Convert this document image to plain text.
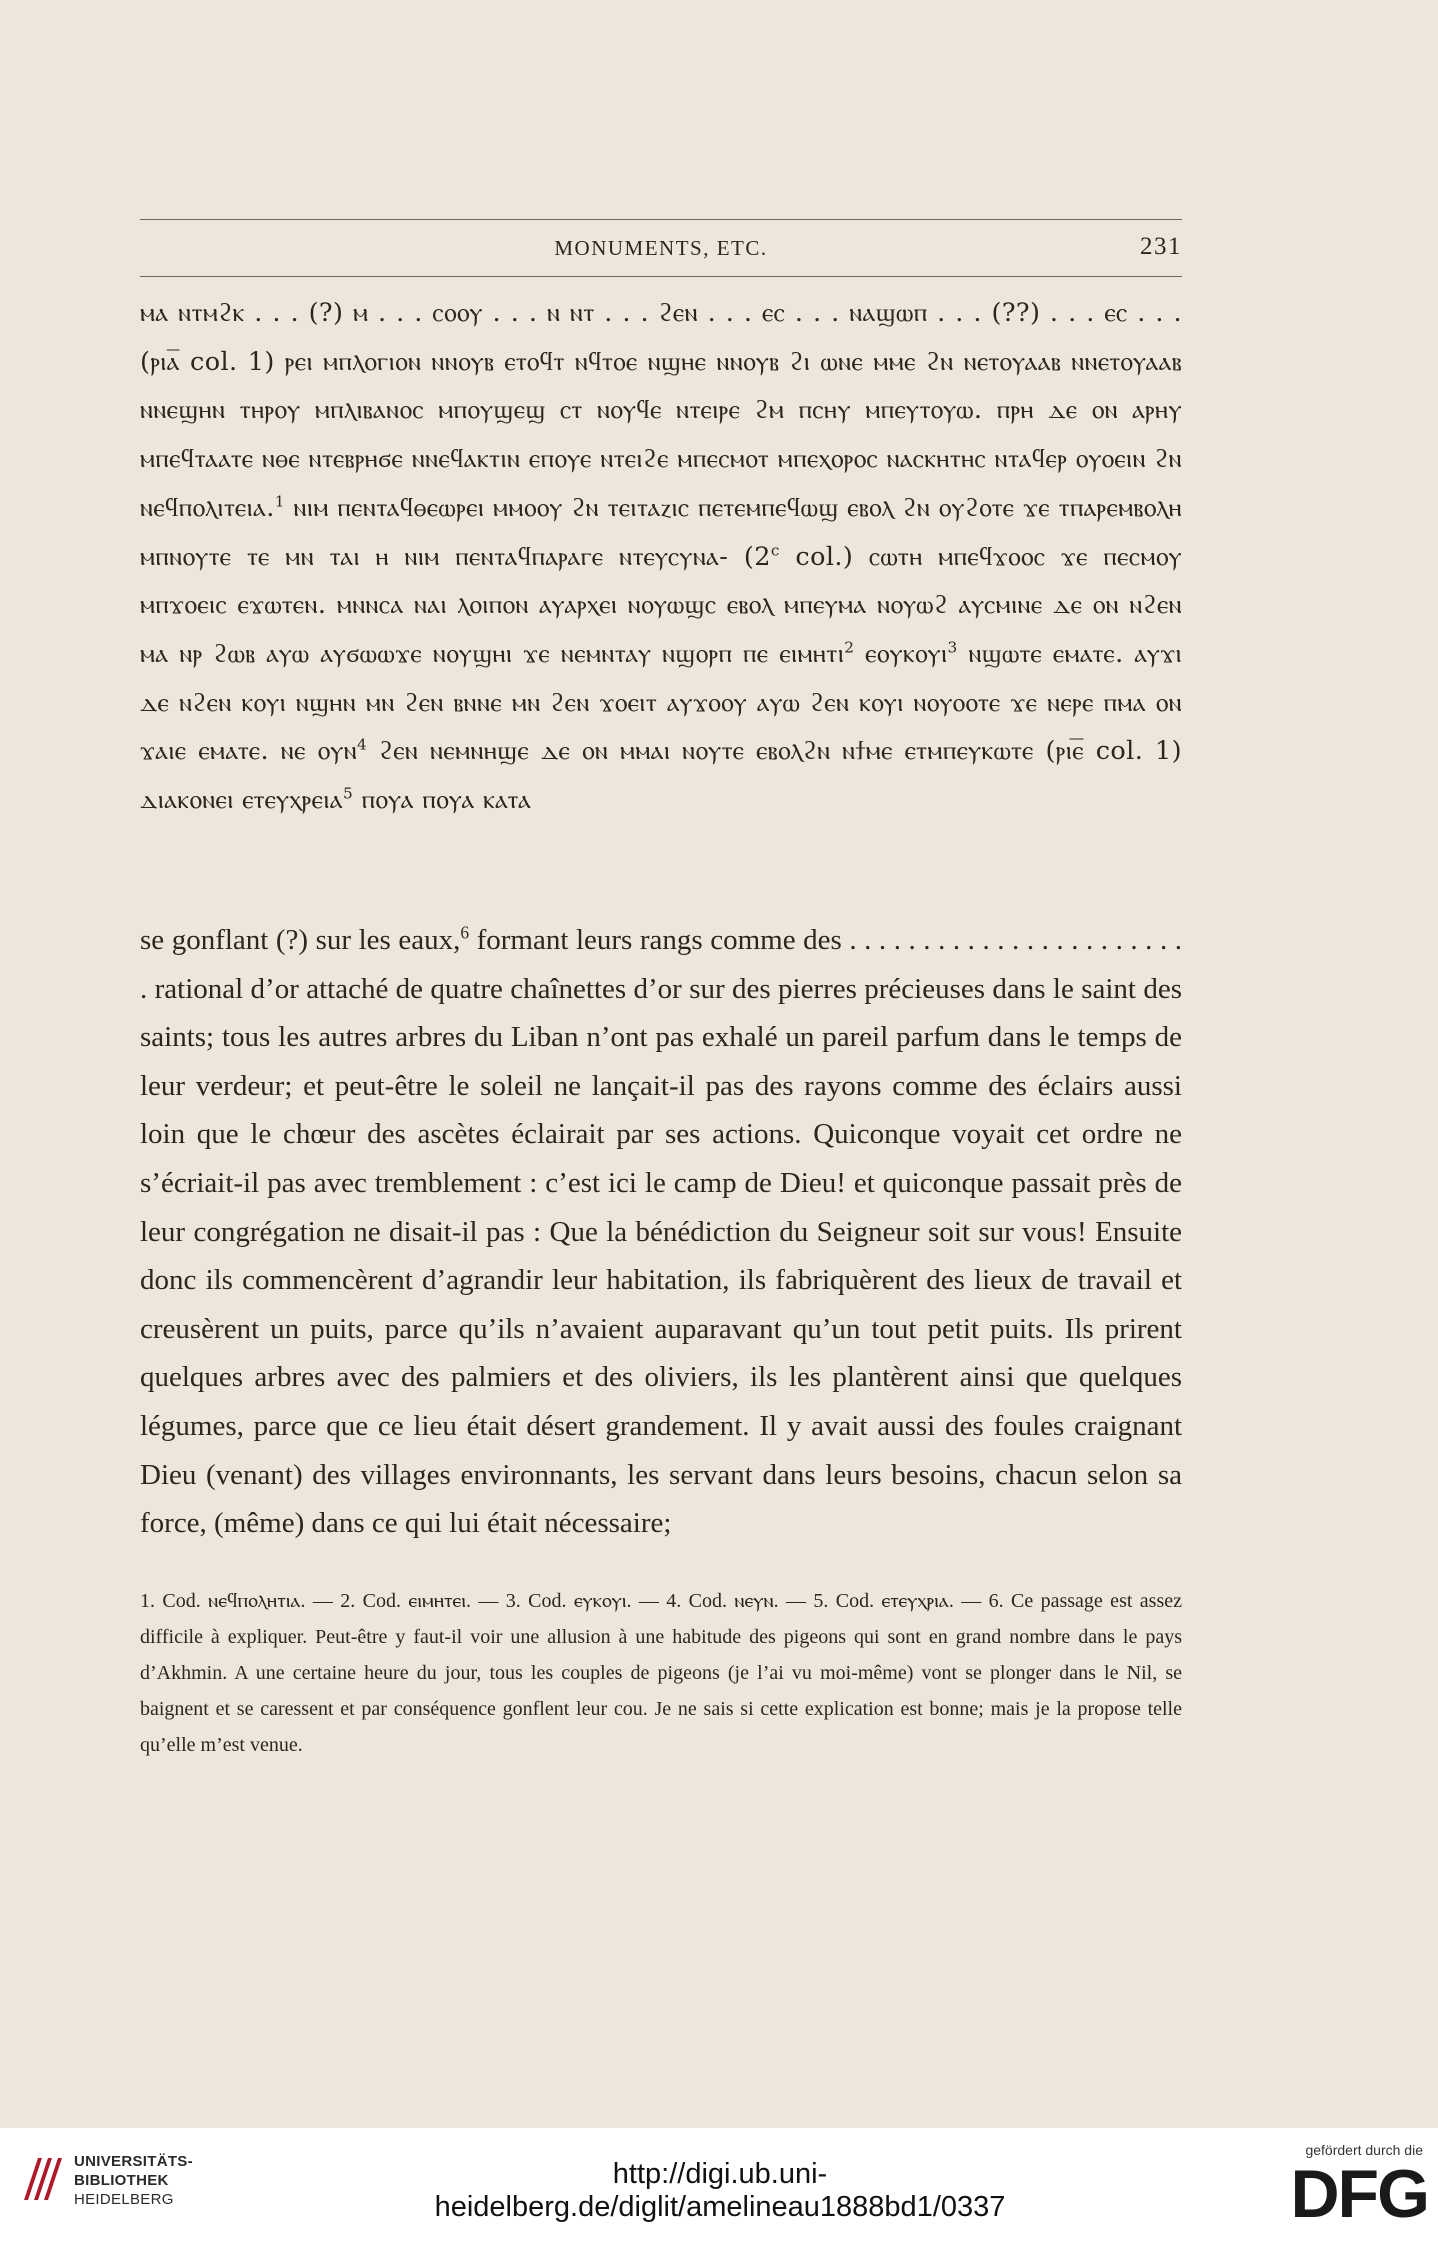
MONUMENTS, ETC.	231

ⲙⲁ ⲛⲧⲙϩⲕ . . . (?) ⲙ . . . ⲥⲟⲟⲩ . . . ⲛ ⲛⲧ . . . ϩⲉⲛ . . . ⲉⲥ . . . ⲛⲁϣⲱⲡ . . . (??) . . . ⲉⲥ . . . (ⲣⲓⲁ̅ col. 1) ⲣⲉⲓ ⲙⲡⲗⲟⲅⲓⲟⲛ ⲛⲛⲟⲩⲃ ⲉⲧⲟϥⲧ ⲛϥⲧⲟⲉ ⲛϣⲏⲉ ⲛⲛⲟⲩⲃ ϩⲓ ⲱⲛⲉ ⲙⲙⲉ ϩⲛ ⲛⲉⲧⲟⲩⲁⲁⲃ ⲛⲛⲉⲧⲟⲩⲁⲁⲃ ⲛⲛⲉϣⲏⲛ ⲧⲏⲣⲟⲩ ⲙⲡⲗⲓⲃⲁⲛⲟⲥ ⲙⲡⲟⲩϣⲉϣ ⲥⲧ ⲛⲟⲩϥⲉ ⲛⲧⲉⲓⲣⲉ ϩⲙ ⲡⲥⲏⲩ ⲙⲡⲉⲩⲧⲟⲩⲱ. ⲡⲣⲏ ⲇⲉ ⲟⲛ ⲁⲣⲏⲩ ⲙⲡⲉϥⲧⲁⲁⲧⲉ ⲛⲑⲉ ⲛⲧⲉⲃⲣⲏϭⲉ ⲛⲛⲉϥⲁⲕⲧⲓⲛ ⲉⲡⲟⲩⲉ ⲛⲧⲉⲓϩⲉ ⲙⲡⲉⲥⲙⲟⲧ ⲙⲡⲉⲭⲟⲣⲟⲥ ⲛⲁⲥⲕⲏⲧⲏⲥ ⲛⲧⲁϥⲉⲣ ⲟⲩⲟⲉⲓⲛ ϩⲛ ⲛⲉϥⲡⲟⲗⲓⲧⲉⲓⲁ.$^1$ ⲛⲓⲙ ⲡⲉⲛⲧⲁϥⲑⲉⲱⲣⲉⲓ ⲙⲙⲟⲟⲩ ϩⲛ ⲧⲉⲓⲧⲁⲍⲓⲥ ⲡⲉⲧⲉⲙⲡⲉϥⲱϣ ⲉⲃⲟⲗ ϩⲛ ⲟⲩϩⲟⲧⲉ ϫⲉ ⲧⲡⲁⲣⲉⲙⲃⲟⲗⲏ ⲙⲡⲛⲟⲩⲧⲉ ⲧⲉ ⲙⲛ ⲧⲁⲓ ⲏ ⲛⲓⲙ ⲡⲉⲛⲧⲁϥⲡⲁⲣⲁⲅⲉ ⲛⲧⲉⲩⲥⲩⲛⲁ- (2$^c$ col.) ⲥⲱⲧⲏ ⲙⲡⲉϥϫⲟⲟⲥ ϫⲉ ⲡⲉⲥⲙⲟⲩ ⲙⲡϫⲟⲉⲓⲥ ⲉϫⲱⲧⲉⲛ. ⲙⲛⲛⲥⲁ ⲛⲁⲓ ⲗⲟⲓⲡⲟⲛ ⲁⲩⲁⲣⲭⲉⲓ ⲛⲟⲩⲱϣⲥ ⲉⲃⲟⲗ ⲙⲡⲉⲩⲙⲁ ⲛⲟⲩⲱϩ ⲁⲩⲥⲙⲓⲛⲉ ⲇⲉ ⲟⲛ ⲛϩⲉⲛ ⲙⲁ ⲛⲣ ϩⲱⲃ ⲁⲩⲱ ⲁⲩϭⲱⲱϫⲉ ⲛⲟⲩϣⲏⲓ ϫⲉ ⲛⲉⲙⲛⲧⲁⲩ ⲛϣⲟⲣⲡ ⲡⲉ ⲉⲓⲙⲏⲧⲓ$^2$ ⲉⲟⲩⲕⲟⲩⲓ$^3$ ⲛϣⲱⲧⲉ ⲉⲙⲁⲧⲉ. ⲁⲩϫⲓ ⲇⲉ ⲛϩⲉⲛ ⲕⲟⲩⲓ ⲛϣⲏⲛ ⲙⲛ ϩⲉⲛ ⲃⲛⲛⲉ ⲙⲛ ϩⲉⲛ ϫⲟⲉⲓⲧ ⲁⲩϫⲟⲟⲩ ⲁⲩⲱ ϩⲉⲛ ⲕⲟⲩⲓ ⲛⲟⲩⲟⲟⲧⲉ ϫⲉ ⲛⲉⲣⲉ ⲡⲙⲁ ⲟⲛ ϫⲁⲓⲉ ⲉⲙⲁⲧⲉ. ⲛⲉ ⲟⲩⲛ$^4$ ϩⲉⲛ ⲛⲉⲙⲛⲏϣⲉ ⲇⲉ ⲟⲛ ⲙⲙⲁⲓ ⲛⲟⲩⲧⲉ ⲉⲃⲟⲗϩⲛ ⲛϯⲙⲉ ⲉⲧⲙⲡⲉⲩⲕⲱⲧⲉ (ⲣⲓⲉ̅ col. 1) ⲇⲓⲁⲕⲟⲛⲉⲓ ⲉⲧⲉⲩⲭⲣⲉⲓⲁ$^5$ ⲡⲟⲩⲁ ⲡⲟⲩⲁ ⲕⲁⲧⲁ

se gonflant (?) sur les eaux,$^6$ formant leurs rangs comme des . . . . . . . . . . . . . . . . . . . . . . . . rational d’or attaché de quatre chaînettes d’or sur des pierres précieuses dans le saint des saints; tous les autres arbres du Liban n’ont pas exhalé un pareil parfum dans le temps de leur verdeur; et peut-être le soleil ne lançait-il pas des rayons comme des éclairs aussi loin que le chœur des ascètes éclairait par ses actions. Quiconque voyait cet ordre ne s’écriait-il pas avec tremblement : c’est ici le camp de Dieu! et quiconque passait près de leur congrégation ne disait-il pas : Que la bénédiction du Seigneur soit sur vous! Ensuite donc ils commencèrent d’agrandir leur habitation, ils fabriquèrent des lieux de travail et creusèrent un puits, parce qu’ils n’avaient auparavant qu’un tout petit puits. Ils prirent quelques arbres avec des palmiers et des oliviers, ils les plantèrent ainsi que quelques légumes, parce que ce lieu était désert grandement. Il y avait aussi des foules craignant Dieu (venant) des villages environnants, les servant dans leurs besoins, chacun selon sa force, (même) dans ce qui lui était nécessaire;

1. Cod. ⲛⲉϥⲡⲟⲗⲏⲧⲓⲁ. — 2. Cod. ⲉⲓⲙⲏⲧⲉⲓ. — 3. Cod. ⲉⲩⲕⲟⲩⲓ. — 4. Cod. ⲛⲉⲩⲛ. — 5. Cod. ⲉⲧⲉⲩⲭⲣⲓⲁ. — 6. Ce passage est assez difficile à expliquer. Peut-être y faut-il voir une allusion à une habitude des pigeons qui sont en grand nombre dans le pays d’Akhmin. A une certaine heure du jour, tous les couples de pigeons (je l’ai vu moi-même) vont se plonger dans le Nil, se baignent et se caressent et par conséquence gonflent leur cou. Je ne sais si cette explication est bonne; mais je la propose telle qu’elle m’est venue.

UNIVERSITÄTS-
BIBLIOTHEK
HEIDELBERG
http://digi.ub.uni-heidelberg.de/diglit/amelineau1888bd1/0337
gefördert durch die
DFG
